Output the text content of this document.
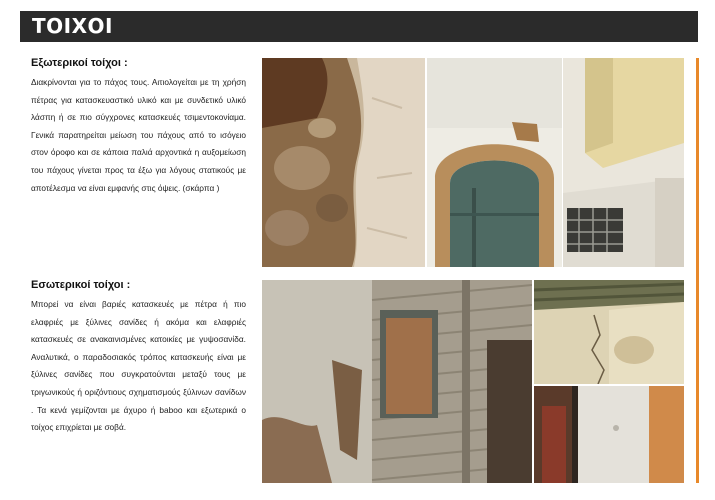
ΤΟΙΧΟΙ
Εξωτερικοί τοίχοι :
Διακρίνονται για το πάχος τους. Αιτιολογείται με τη χρήση πέτρας για κατασκευαστικό υλικό και με συνδετικό υλικό λάσπη ή σε πιο σύγχρονες κατασκευές τσιμεντοκονίαμα. Γενικά παρατηρείται μείωση του πάχους από το ισόγειο στον όροφο και σε κάποια παλιά αρχοντικά η αυξομείωση του πάχους γίνεται προς τα έξω για λόγους στατικούς με αποτέλεσμα να είναι εμφανής στις όψεις. (σκάρπα )
Εσωτερικοί τοίχοι :
Μπορεί να είναι βαριές κατασκευές με πέτρα ή πιο ελαφριές με ξύλινες σανίδες ή ακόμα και ελαφριές κατασκευές σε ανακαινισμένες κατοικίες με γυψοσανίδα. Αναλυτικά, ο παραδοσιακός τρόπος κατασκευής είναι με ξύλινες σανίδες που συγκρατούνται μεταξύ τους με τριγωνικούς ή οριζόντιους σχηματισμούς ξύλινων σανίδων . Τα κενά γεμίζονται με άχυρο ή baboo και εξωτερικά ο τοίχος επιχρίεται με σοβά.
